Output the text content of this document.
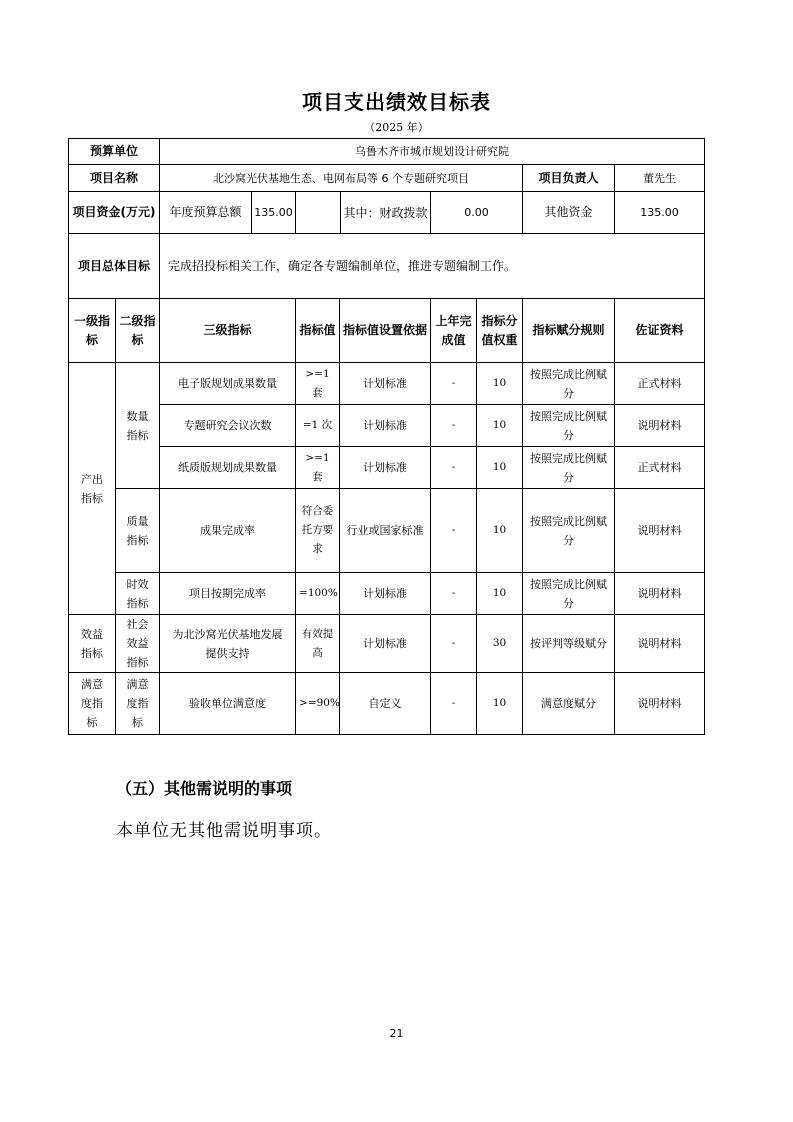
项目支出绩效目标表
（2025 年）
预算单位		乌鲁木齐市城市规划设计研究院						
项目名称		北沙窝光伏基地生态、电网布局等 6 个专题研究项目					项目负责人	董先生
项目资金(万元)		年度预算总额 135.00	其中：财政拨款		0.00		其他资金	135.00
项目总体目标		完成招投标相关工作，确定各专题编制单位，推进专题编制工作。						
一级指标	二级指标	三级指标	指标值	指标值设置依据	上年完成值	指标分值权重	指标赋分规则	佐证资料
产出指标	数量指标	电子版规划成果数量	>=1 套	计划标准	-	10	按照完成比例赋分	正式材料
		专题研究会议次数	=1 次	计划标准	-	10	按照完成比例赋分	说明材料
		纸质版规划成果数量	>=1 套	计划标准	-	10	按照完成比例赋分	正式材料
	质量指标	成果完成率	符合委托方要求	行业或国家标准	-	10	按照完成比例赋分	说明材料
	时效指标	项目按期完成率	=100%	计划标准	-	10	按照完成比例赋分	说明材料
效益指标	社会效益指标	为北沙窝光伏基地发展提供支持	有效提高	计划标准	-	30	按评判等级赋分	说明材料
满意度指标	满意度指标	验收单位满意度	>=90%	自定义	-	10	满意度赋分	说明材料
（五）其他需说明的事项
本单位无其他需说明事项。
21
